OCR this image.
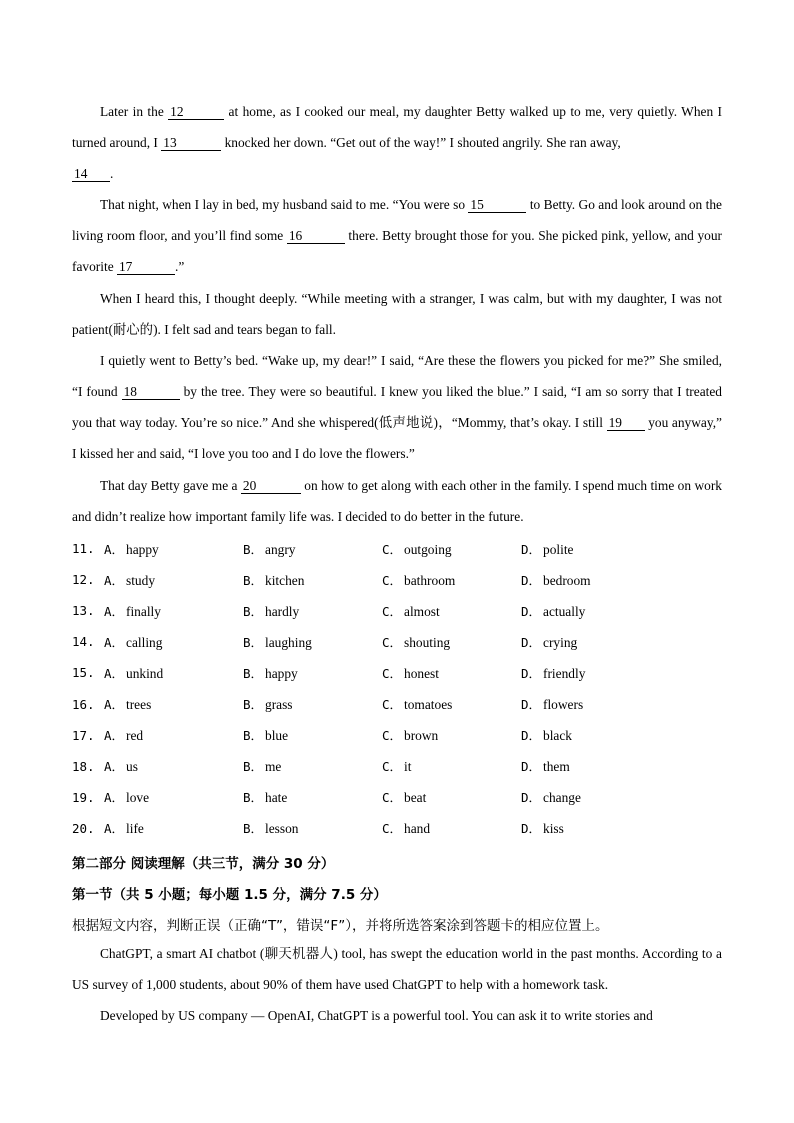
Later in the 12	at home, as I cooked our meal, my daughter Betty walked up to me, very quietly. When I turned around, I 13	knocked her down. “Get out of the way!” I shouted angrily. She ran away,
14 .
That night, when I lay in bed, my husband said to me. “You were so 15	to Betty. Go and look around on the living room floor, and you’ll find some 16	there. Betty brought those for you. She picked pink, yellow, and your favorite 17	.”
When I heard this, I thought deeply. “While meeting with a stranger, I was calm, but with my daughter, I was not patient(耐心的). I felt sad and tears began to fall.
I quietly went to Betty’s bed. “Wake up, my dear!” I said, “Are these the flowers you picked for me?” She smiled, “I found 18	by the tree. They were so beautiful. I knew you liked the blue.” I said, “I am so sorry that I treated you that way today. You’re so nice.” And she whispered(低声地说)，“Mommy, that’s okay. I still 19 you anyway,” I kissed her and said, “I love you too and I do love the flowers.”
That day Betty gave me a 20	on how to get along with each other in the family. I spend much time on work and didn’t realize how important family life was. I decided to do better in the future.
11. A． happy	B． angry	C． outgoing	D． polite
12. A． study	B． kitchen	C． bathroom	D． bedroom
13. A． finally	B． hardly	C． almost	D． actually
14. A． calling	B． laughing	C． shouting	D． crying
15. A． unkind	B． happy	C． honest	D． friendly
16. A． trees	B． grass	C． tomatoes	D． flowers
17. A． red	B． blue	C． brown	D． black
18. A． us	B． me	C． it	D． them
19. A． love	B． hate	C． beat	D． change
20. A． life	B． lesson	C． hand	D． kiss
第二部分 阅读理解（共三节，满分 30 分）
第一节（共 5 小题；每小题 1.5 分，满分 7.5 分）
根据短文内容，判断正误（正确“T”，错误“F”），并将所选答案涂到答题卡的相应位置上。
ChatGPT, a smart AI chatbot (聊天机器人) tool, has swept the education world in the past months. According to a US survey of 1,000 students, about 90% of them have used ChatGPT to help with a homework task.
Developed by US company — OpenAI, ChatGPT is a powerful tool. You can ask it to write stories and
